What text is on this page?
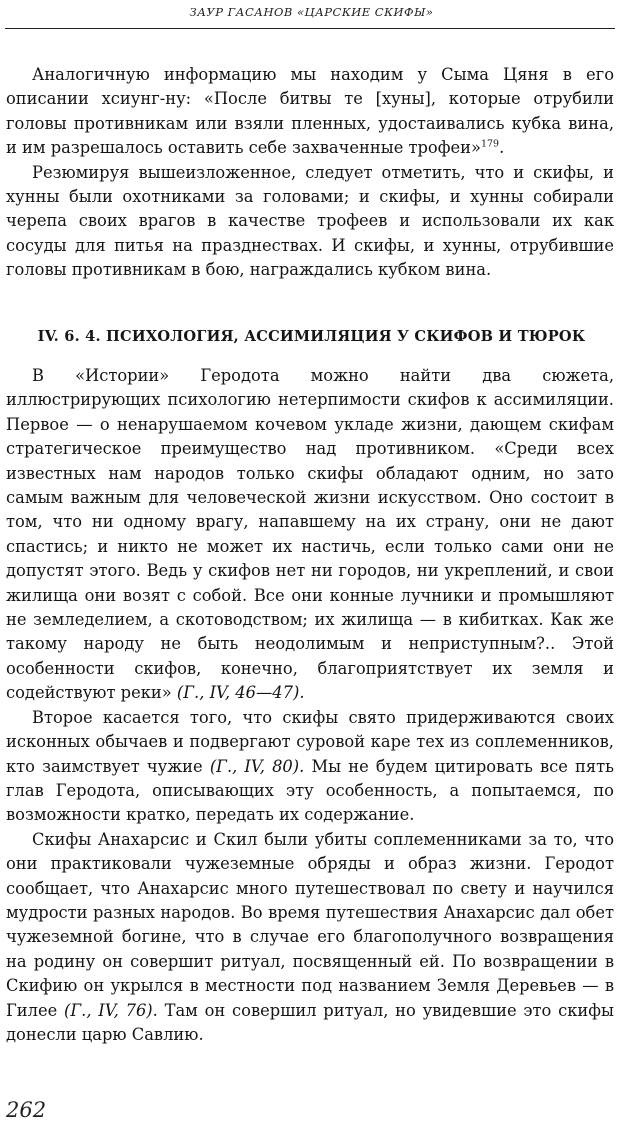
ЗАУР ГАСАНОВ «ЦАРСКИЕ СКИФЫ»

Аналогичную информацию мы находим у Сыма Цяня в его описании хсиунг-ну: «После битвы те [хуны], которые отрубили головы противникам или взяли пленных, удостаивались кубка вина, и им разрешалось оставить себе захваченные трофеи»$^{179}$.

Резюмируя вышеизложенное, следует отметить, что и скифы, и хунны были охотниками за головами; и скифы, и хунны собирали черепа своих врагов в качестве трофеев и использовали их как сосуды для питья на празднествах. И скифы, и хунны, отрубившие головы противникам в бою, награждались кубком вина.

IV. 6. 4. ПСИХОЛОГИЯ, АССИМИЛЯЦИЯ У СКИФОВ И ТЮРОК

В «Истории» Геродота можно найти два сюжета, иллюстрирующих психологию нетерпимости скифов к ассимиляции. Первое — о ненарушаемом кочевом укладе жизни, дающем скифам стратегическое преимущество над противником. «Среди всех известных нам народов только скифы обладают одним, но зато самым важным для человеческой жизни искусством. Оно состоит в том, что ни одному врагу, напавшему на их страну, они не дают спастись; и никто не может их настичь, если только сами они не допустят этого. Ведь у скифов нет ни городов, ни укреплений, и свои жилища они возят с собой. Все они конные лучники и промышляют не земледелием, а скотоводством; их жилища — в кибитках. Как же такому народу не быть неодолимым и неприступным?.. Этой особенности скифов, конечно, благоприятствует их земля и содействуют реки» (Г., IV, 46—47).

Второе касается того, что скифы свято придерживаются своих исконных обычаев и подвергают суровой каре тех из соплеменников, кто заимствует чужие (Г., IV, 80). Мы не будем цитировать все пять глав Геродота, описывающих эту особенность, а попытаемся, по возможности кратко, передать их содержание.

Скифы Анахарсис и Скил были убиты соплеменниками за то, что они практиковали чужеземные обряды и образ жизни. Геродот сообщает, что Анахарсис много путешествовал по свету и научился мудрости разных народов. Во время путешествия Анахарсис дал обет чужеземной богине, что в случае его благополучного возвращения на родину он совершит ритуал, посвященный ей. По возвращении в Скифию он укрылся в местности под названием Земля Деревьев — в Гилее (Г., IV, 76). Там он совершил ритуал, но увидевшие это скифы донесли царю Савлию.

262
